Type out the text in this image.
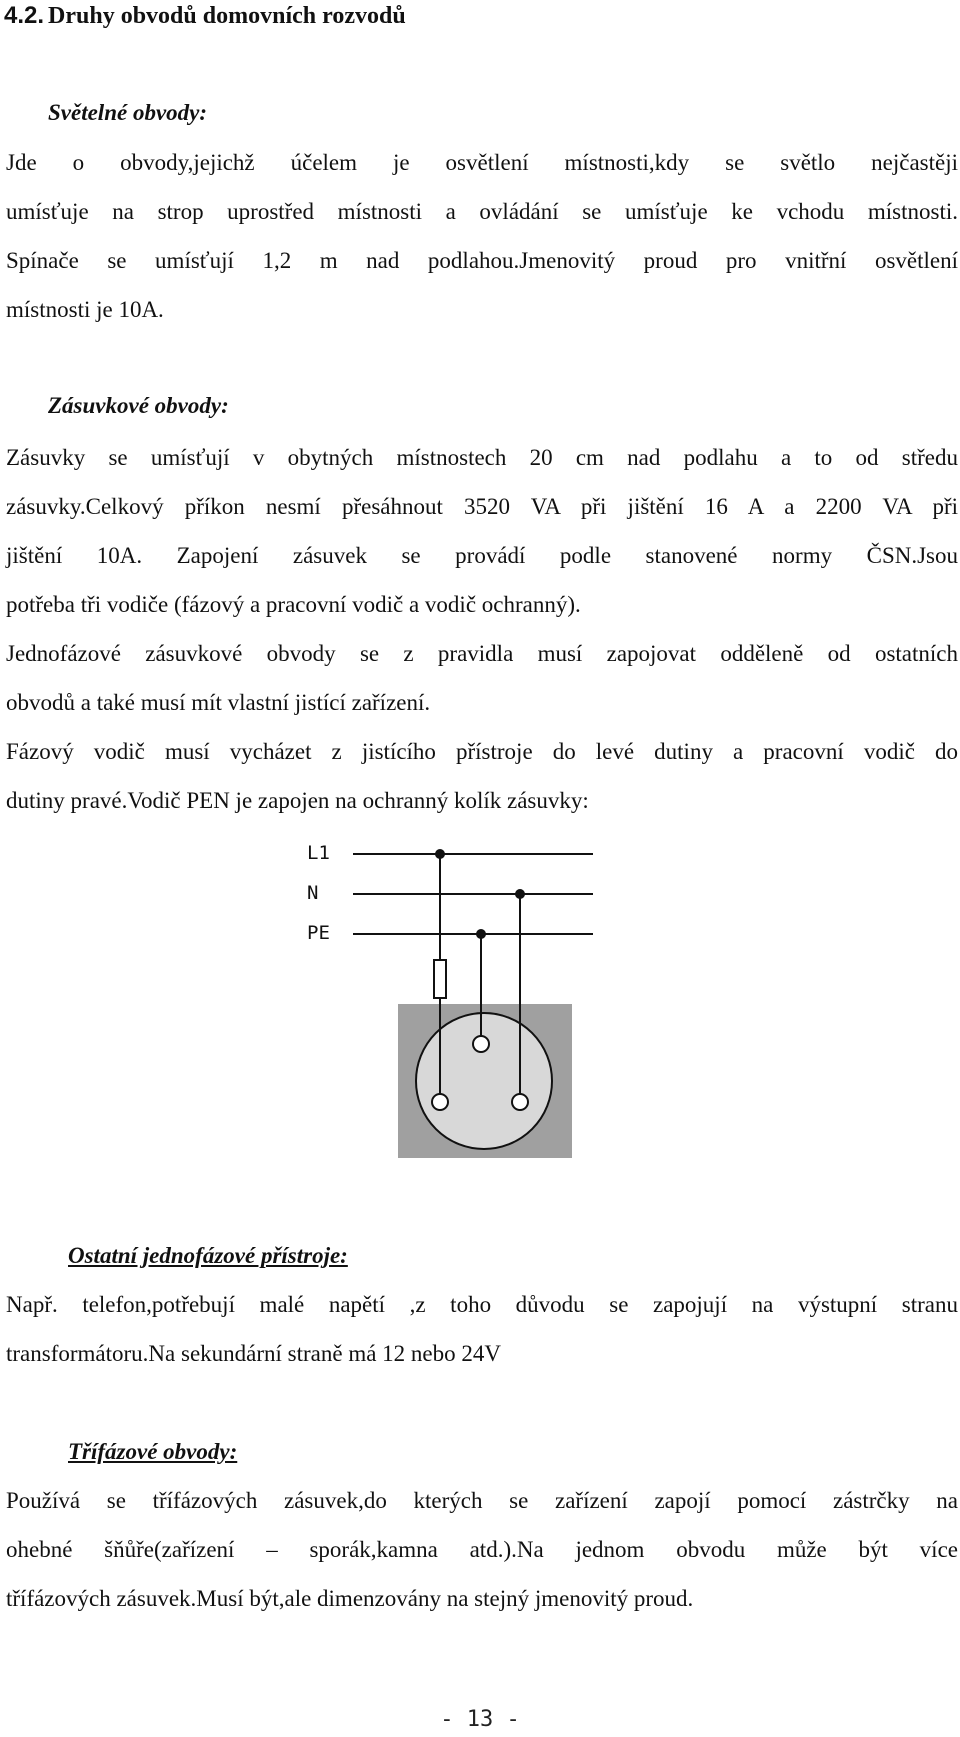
4.2. Druhy obvodů domovních rozvodů
Světelné obvody:

Jde o obvody,jejichž účelem je osvětlení místnosti,kdy se světlo nejčastěji
umísťuje na strop uprostřed místnosti a ovládání se umísťuje ke vchodu místnosti.
Spínače se umísťují 1,2 m nad podlahou.Jmenovitý proud pro vnitřní osvětlení
místnosti je 10A.

Zásuvkové obvody:

Zásuvky se umísťují v obytných místnostech 20 cm nad podlahu a to od středu
zásuvky.Celkový příkon nesmí přesáhnout 3520 VA při jištění 16 A a 2200 VA při
jištění 10A. Zapojení zásuvek se provádí podle stanovené normy ČSN.Jsou
potřeba tři vodiče (fázový a pracovní vodič a vodič ochranný).
Jednofázové zásuvkové obvody se z pravidla musí zapojovat odděleně od ostatních
obvodů a také musí mít vlastní jistící zařízení.
Fázový vodič musí vycházet z jistícího přístroje do levé dutiny a pracovní vodič do
dutiny pravé.Vodič PEN je zapojen na ochranný kolík zásuvky:

L1
N
PE
Ostatní jednofázové přístroje:

Např. telefon,potřebují malé napětí ,z toho důvodu se zapojují na výstupní stranu
transformátoru.Na sekundární straně má 12 nebo 24V

Třífázové obvody:

Používá se třífázových zásuvek,do kterých se zařízení zapojí pomocí zástrčky na
ohebné šňůře(zařízení – sporák,kamna atd.).Na jednom obvodu může být více
třífázových zásuvek.Musí být,ale dimenzovány na stejný jmenovitý proud.

- 13 -
